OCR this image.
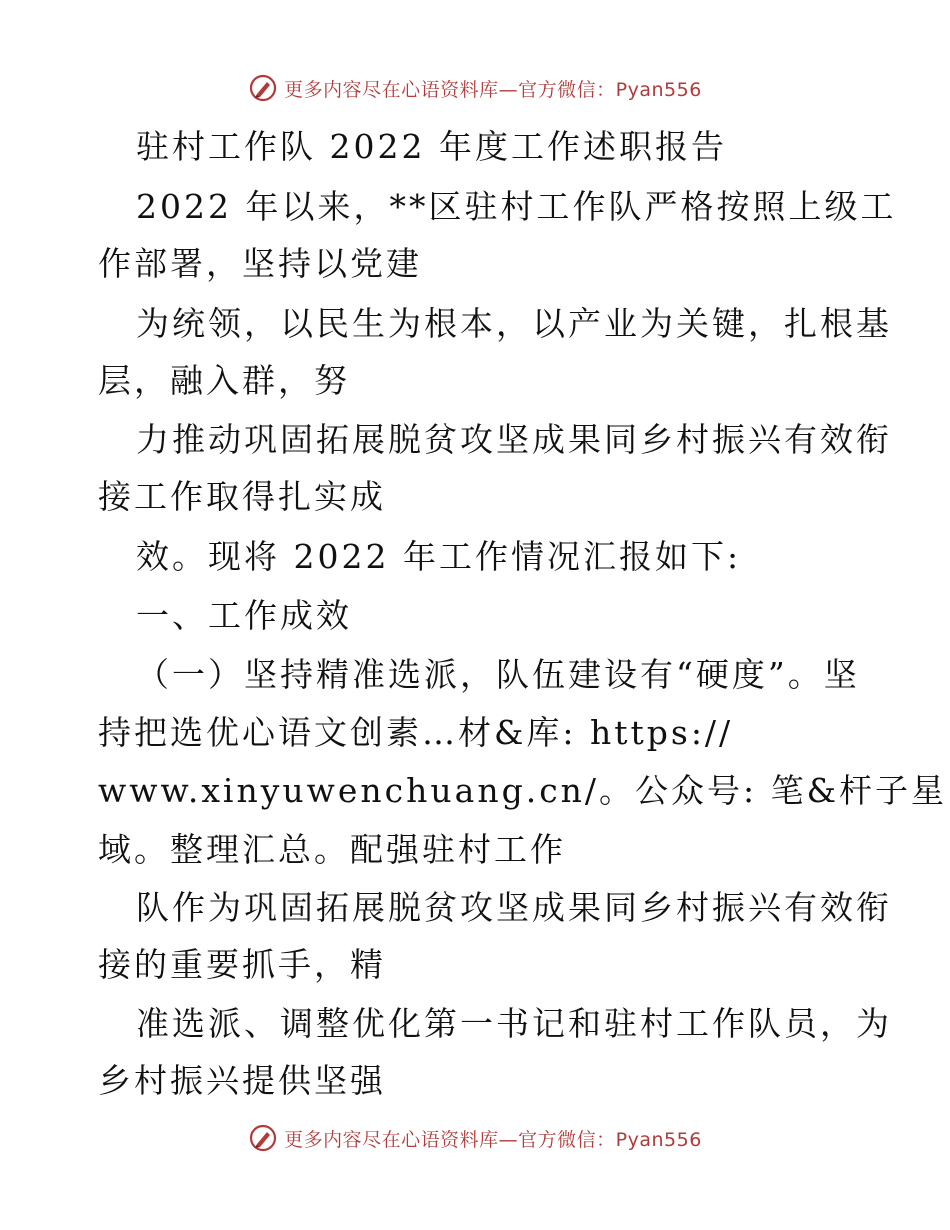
更多内容尽在心语资料库—官方微信：Pyan556
驻村工作队 2022 年度工作述职报告
2022 年以来，**区驻村工作队严格按照上级工
作部署，坚持以党建
为统领，以民生为根本，以产业为关键，扎根基
层，融入群，努
力推动巩固拓展脱贫攻坚成果同乡村振兴有效衔
接工作取得扎实成
效。现将 2022 年工作情况汇报如下:
一、工作成效
（一）坚持精准选派，队伍建设有“硬度”。坚
持把选优心语文创素…材&库: https://
www.xinyuwenchuang.cn/。公众号: 笔&杆子星
域。整理汇总。配强驻村工作
队作为巩固拓展脱贫攻坚成果同乡村振兴有效衔
接的重要抓手，精
准选派、调整优化第一书记和驻村工作队员，为
乡村振兴提供坚强
更多内容尽在心语资料库—官方微信：Pyan556
